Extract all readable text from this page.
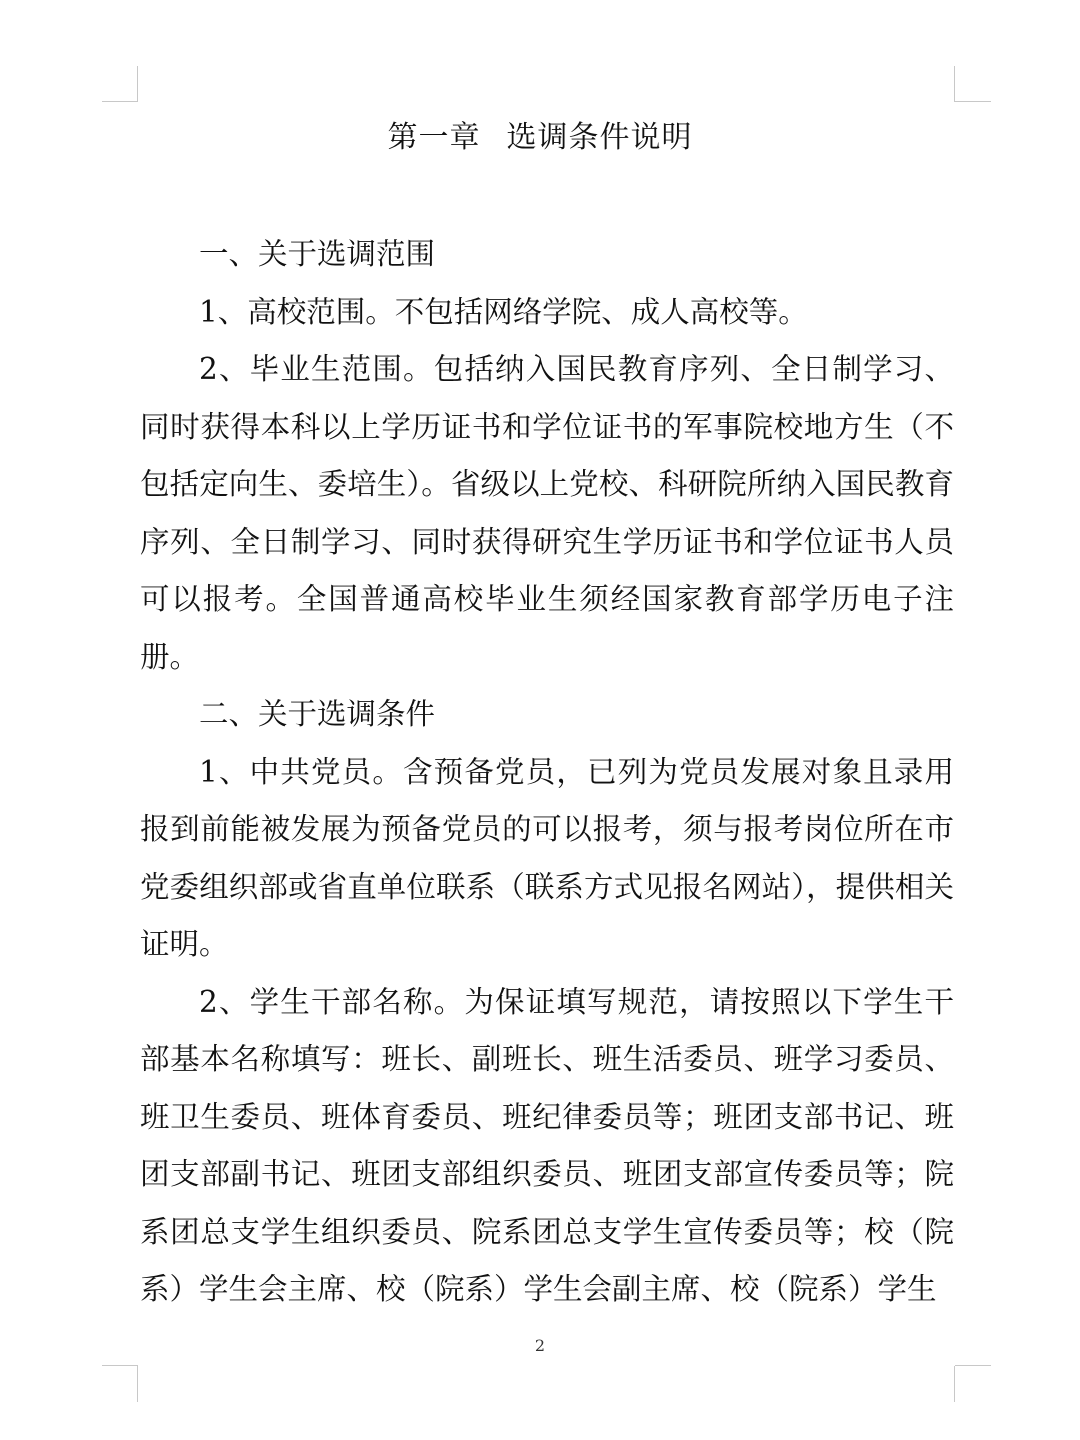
第一章 选调条件说明

一、关于选调范围

1、高校范围。不包括网络学院、成人高校等。

2、毕业生范围。包括纳入国民教育序列、全日制学习、同时获得本科以上学历证书和学位证书的军事院校地方生（不包括定向生、委培生）。省级以上党校、科研院所纳入国民教育序列、全日制学习、同时获得研究生学历证书和学位证书人员可以报考。全国普通高校毕业生须经国家教育部学历电子注册。

二、关于选调条件

1、中共党员。含预备党员，已列为党员发展对象且录用报到前能被发展为预备党员的可以报考，须与报考岗位所在市党委组织部或省直单位联系（联系方式见报名网站），提供相关证明。

2、学生干部名称。为保证填写规范，请按照以下学生干部基本名称填写：班长、副班长、班生活委员、班学习委员、班卫生委员、班体育委员、班纪律委员等；班团支部书记、班团支部副书记、班团支部组织委员、班团支部宣传委员等；院系团总支学生组织委员、院系团总支学生宣传委员等；校（院系）学生会主席、校（院系）学生会副主席、校（院系）学生

2
